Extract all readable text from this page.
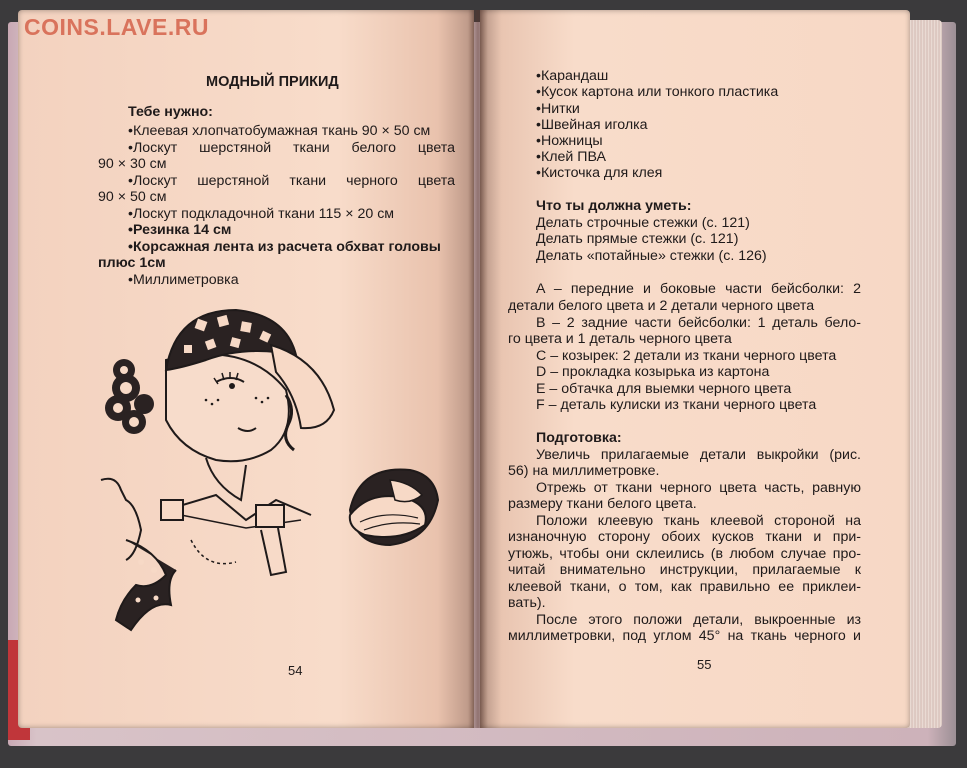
COINS.LAVE.RU
МОДНЫЙ ПРИКИД
Тебе нужно:
•Клеевая хлопчатобумажная ткань 90 × 50 см
•Лоскут шерстяной ткани белого цвета
90 × 30 см
•Лоскут шерстяной ткани черного цвета
90 × 50 см
•Лоскут подкладочной ткани 115 × 20 см
•Резинка 14 см
•Корсажная лента из расчета обхват головы
плюс 1см
•Миллиметровка
54
•Карандаш
•Кусок картона или тонкого пластика
•Нитки
•Швейная иголка
•Ножницы
•Клей ПВА
•Кисточка для клея
Что ты должна уметь:
Делать строчные стежки (с. 121)
Делать прямые стежки (с. 121)
Делать «потайные» стежки (с. 126)
A – передние и боковые части бейсболки: 2
детали белого цвета и 2 детали черного цвета
B – 2 задние части бейсболки: 1 деталь бело-
го цвета и 1 деталь черного цвета
C – козырек: 2 детали из ткани черного цвета
D – прокладка козырька из картона
E – обтачка для выемки черного цвета
F – деталь кулиски из ткани черного цвета
Подготовка:
Увеличь прилагаемые детали выкройки (рис.
56) на миллиметровке.
Отрежь от ткани черного цвета часть, равную
размеру ткани белого цвета.
Положи клеевую ткань клеевой стороной на
изнаночную сторону обоих кусков ткани и при-
утюжь, чтобы они склеились (в любом случае про-
читай внимательно инструкции, прилагаемые к
клеевой ткани, о том, как правильно ее приклеи-
вать).
После этого положи детали, выкроенные из
миллиметровки, под углом 45° на ткань черного и
55
